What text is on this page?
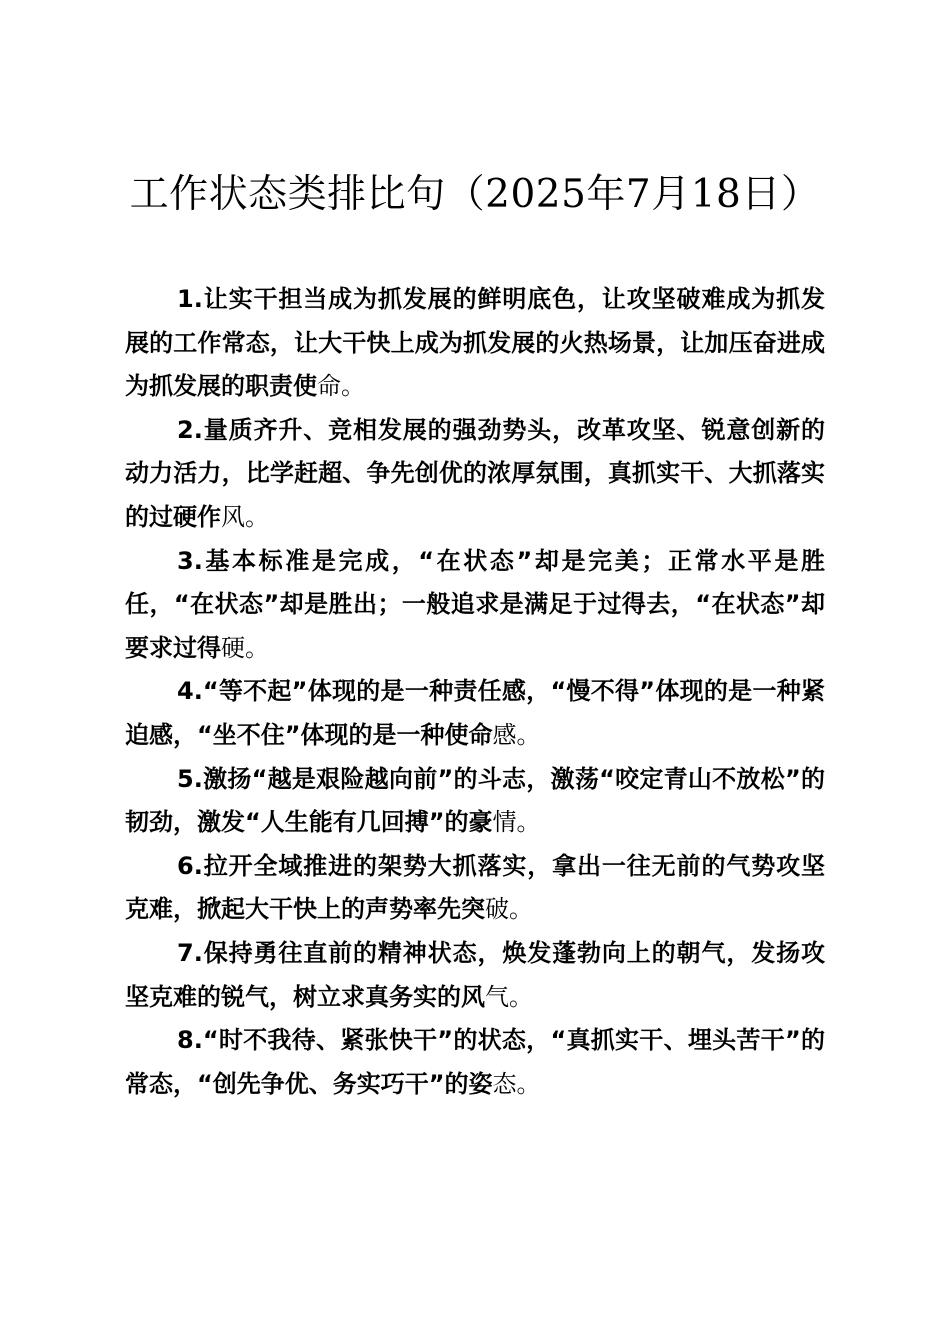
工作状态类排比句（2025年7月18日）

1.让实干担当成为抓发展的鲜明底色，让攻坚破难成为抓发展的工作常态，让大干快上成为抓发展的火热场景，让加压奋进成为抓发展的职责使命。

2.量质齐升、竞相发展的强劲势头，改革攻坚、锐意创新的动力活力，比学赶超、争先创优的浓厚氛围，真抓实干、大抓落实的过硬作风。

3.基本标准是完成，“在状态”却是完美；正常水平是胜任，“在状态”却是胜出；一般追求是满足于过得去，“在状态”却要求过得硬。

4.“等不起”体现的是一种责任感，“慢不得”体现的是一种紧迫感，“坐不住”体现的是一种使命感。

5.激扬“越是艰险越向前”的斗志，激荡“咬定青山不放松”的韧劲，激发“人生能有几回搏”的豪情。

6.拉开全域推进的架势大抓落实，拿出一往无前的气势攻坚克难，掀起大干快上的声势率先突破。

7.保持勇往直前的精神状态，焕发蓬勃向上的朝气，发扬攻坚克难的锐气，树立求真务实的风气。

8.“时不我待、紧张快干”的状态，“真抓实干、埋头苦干”的常态，“创先争优、务实巧干”的姿态。
